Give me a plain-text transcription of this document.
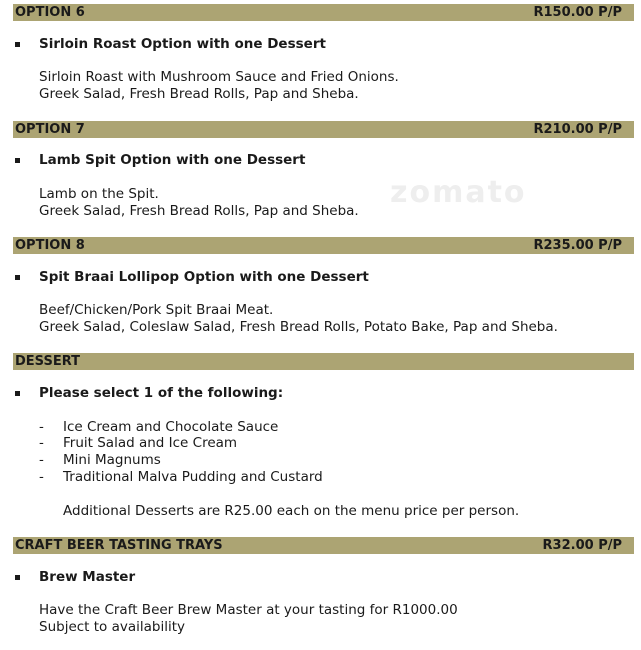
zomato
OPTION 6	R150.00 P/P
Sirloin Roast Option with one Dessert
Sirloin Roast with Mushroom Sauce and Fried Onions.
Greek Salad, Fresh Bread Rolls, Pap and Sheba.
OPTION 7	R210.00 P/P
Lamb Spit Option with one Dessert
Lamb on the Spit.
Greek Salad, Fresh Bread Rolls, Pap and Sheba.
OPTION 8	R235.00 P/P
Spit Braai Lollipop Option with one Dessert
Beef/Chicken/Pork Spit Braai Meat.
Greek Salad, Coleslaw Salad, Fresh Bread Rolls, Potato Bake, Pap and Sheba.
DESSERT
Please select 1 of the following:
- Ice Cream and Chocolate Sauce
- Fruit Salad and Ice Cream
- Mini Magnums
- Traditional Malva Pudding and Custard
Additional Desserts are R25.00 each on the menu price per person.
CRAFT BEER TASTING TRAYS	R32.00 P/P
Brew Master
Have the Craft Beer Brew Master at your tasting for R1000.00
Subject to availability
